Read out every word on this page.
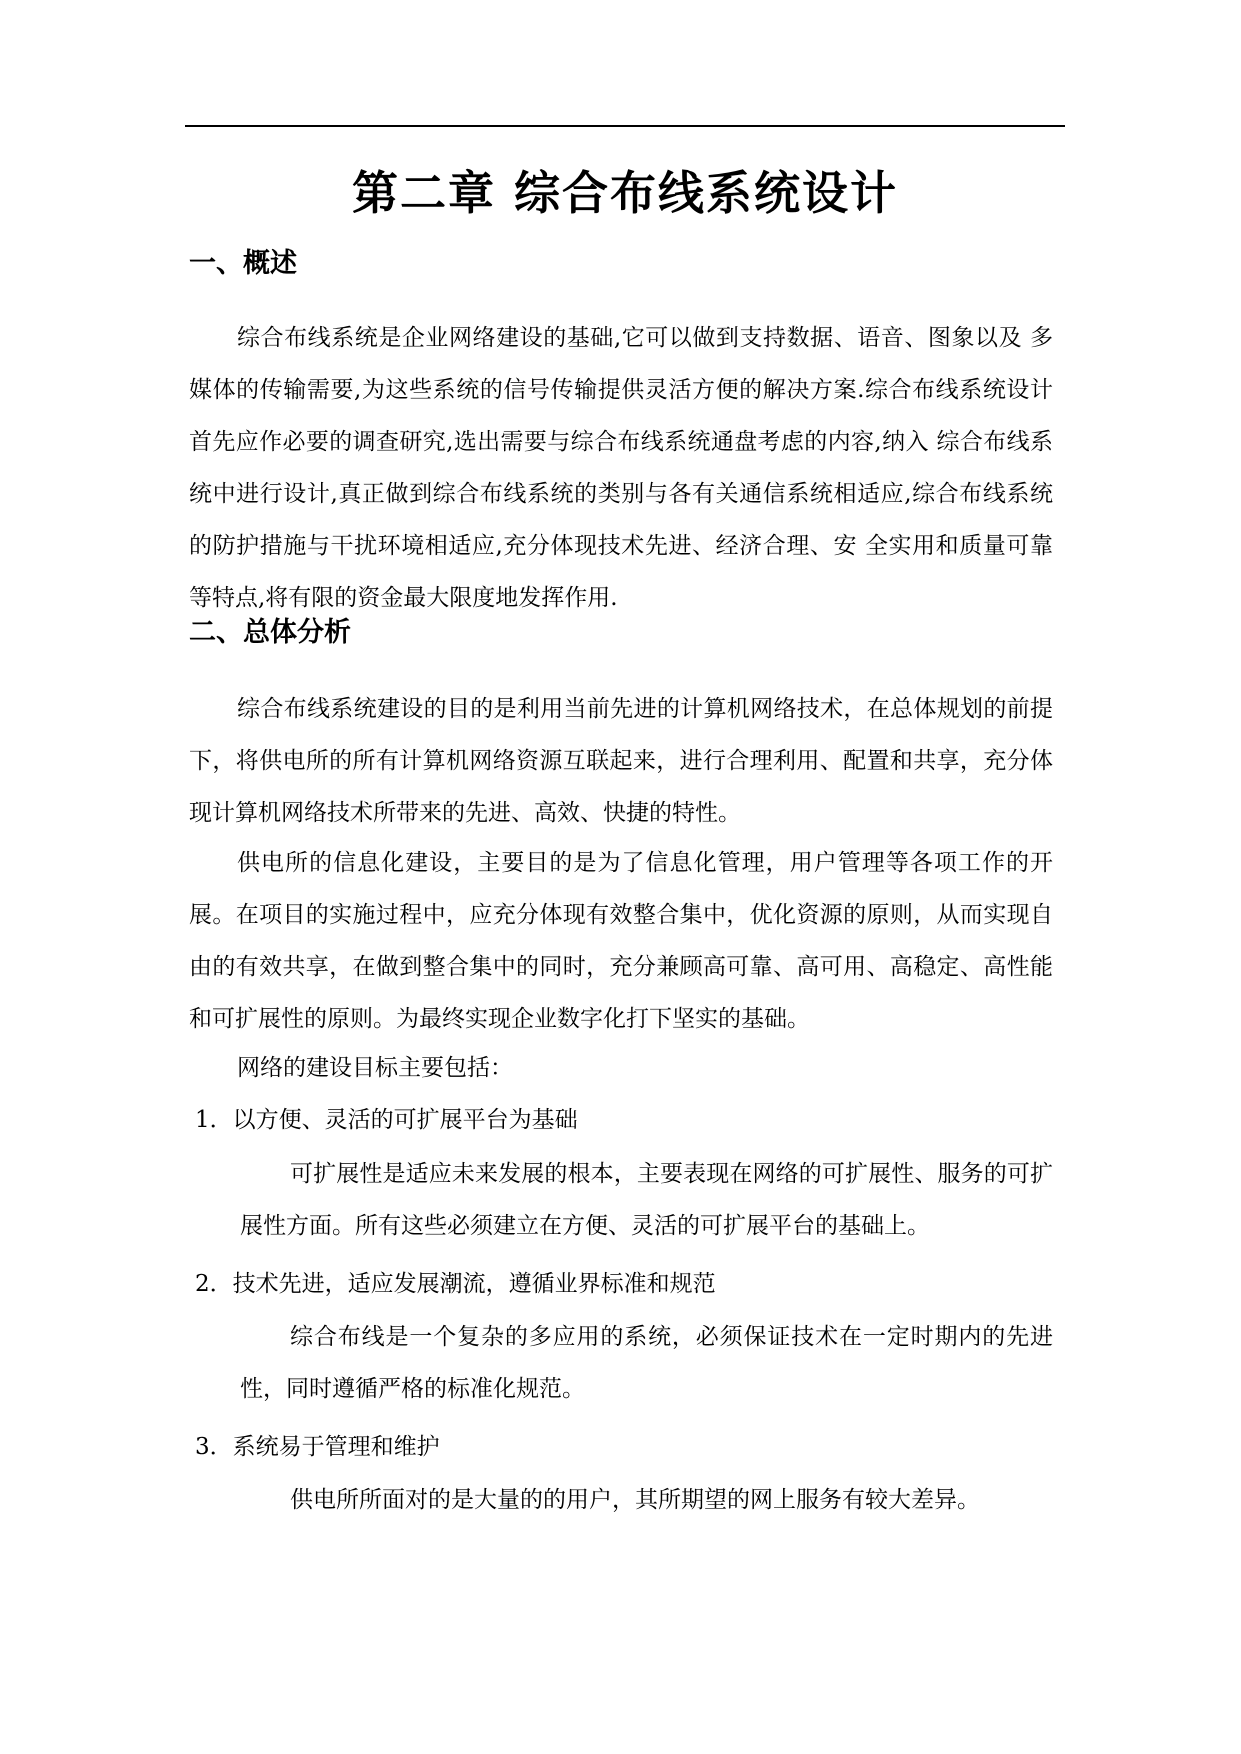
第二章 综合布线系统设计
一、概述

综合布线系统是企业网络建设的基础,它可以做到支持数据、语音、图象以及 多媒体的传输需要,为这些系统的信号传输提供灵活方便的解决方案.综合布线系统设计首先应作必要的调查研究,选出需要与综合布线系统通盘考虑的内容,纳入 综合布线系统中进行设计,真正做到综合布线系统的类别与各有关通信系统相适应,综合布线系统的防护措施与干扰环境相适应,充分体现技术先进、经济合理、安 全实用和质量可靠等特点,将有限的资金最大限度地发挥作用.

二、总体分析

综合布线系统建设的目的是利用当前先进的计算机网络技术，在总体规划的前提下，将供电所的所有计算机网络资源互联起来，进行合理利用、配置和共享，充分体现计算机网络技术所带来的先进、高效、快捷的特性。

供电所的信息化建设，主要目的是为了信息化管理，用户管理等各项工作的开展。在项目的实施过程中，应充分体现有效整合集中，优化资源的原则，从而实现自由的有效共享，在做到整合集中的同时，充分兼顾高可靠、高可用、高稳定、高性能和可扩展性的原则。为最终实现企业数字化打下坚实的基础。

网络的建设目标主要包括：

1．以方便、灵活的可扩展平台为基础

可扩展性是适应未来发展的根本，主要表现在网络的可扩展性、服务的可扩展性方面。所有这些必须建立在方便、灵活的可扩展平台的基础上。

2．技术先进，适应发展潮流，遵循业界标准和规范

综合布线是一个复杂的多应用的系统，必须保证技术在一定时期内的先进性，同时遵循严格的标准化规范。

3．系统易于管理和维护

供电所所面对的是大量的的用户，其所期望的网上服务有较大差异。
